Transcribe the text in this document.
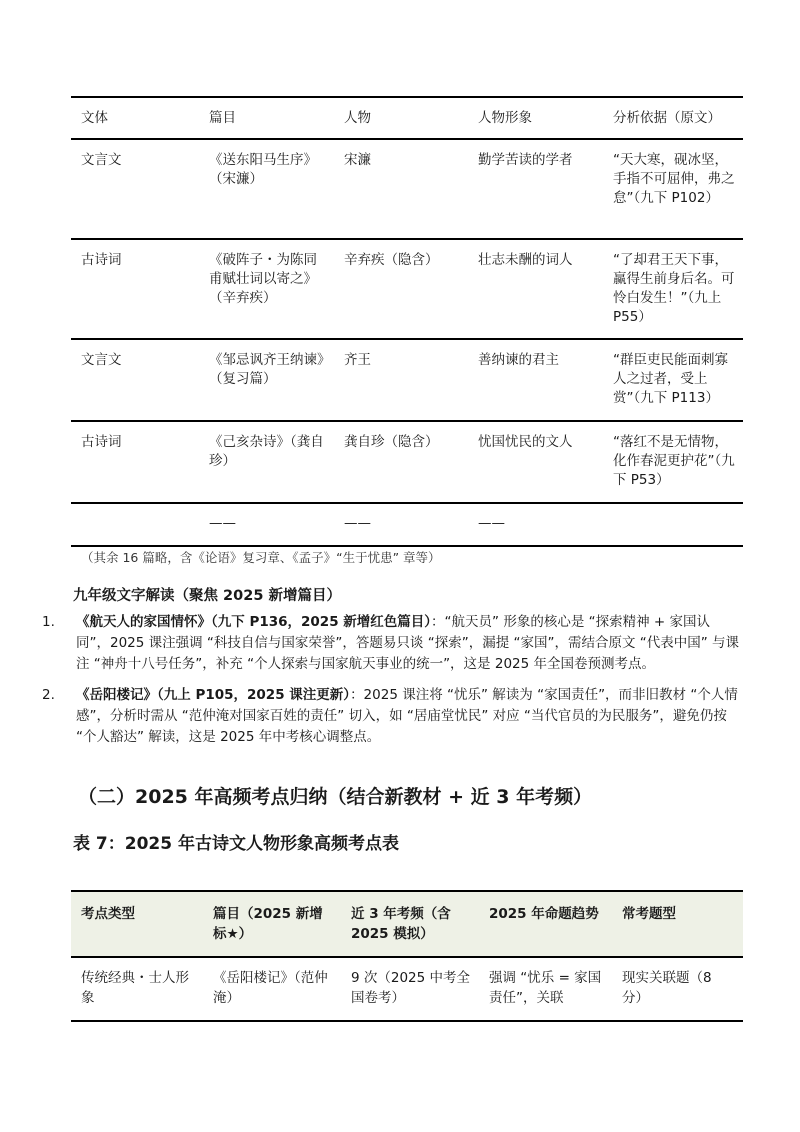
文体	篇目	人物	人物形象	分析依据（原文）
文言文	《送东阳马生序》（宋濂）	宋濂	勤学苦读的学者	“天大寒，砚冰坚，手指不可屈伸，弗之怠”（九下 P102）
古诗词	《破阵子・为陈同甫赋壮词以寄之》（辛弃疾）	辛弃疾（隐含）	壮志未酬的词人	“了却君王天下事，赢得生前身后名。可怜白发生！”（九上 P55）
文言文	《邹忌讽齐王纳谏》（复习篇）	齐王	善纳谏的君主	“群臣吏民能面刺寡人之过者，受上赏”（九下 P113）
古诗词	《己亥杂诗》（龚自珍）	龚自珍（隐含）	忧国忧民的文人	“落红不是无情物，化作春泥更护花”（九下 P53）
	——	——	——	
（其余 16 篇略，含《论语》复习章、《孟子》“生于忧患” 章等）
九年级文字解读（聚焦 2025 新增篇目）
1. 《航天人的家国情怀》（九下 P136，2025 新增红色篇目）：“航天员” 形象的核心是 “探索精神 + 家国认同”，2025 课注强调 “科技自信与国家荣誉”，答题易只谈 “探索”，漏提 “家国”，需结合原文 “代表中国” 与课注 “神舟十八号任务”，补充 “个人探索与国家航天事业的统一”，这是 2025 年全国卷预测考点。
2. 《岳阳楼记》（九上 P105，2025 课注更新）：2025 课注将 “忧乐” 解读为 “家国责任”，而非旧教材 “个人情感”，分析时需从 “范仲淹对国家百姓的责任” 切入，如 “居庙堂忧民” 对应 “当代官员的为民服务”，避免仍按 “个人豁达” 解读，这是 2025 年中考核心调整点。
（二）2025 年高频考点归纳（结合新教材 + 近 3 年考频）
表 7：2025 年古诗文人物形象高频考点表
考点类型	篇目（2025 新增标★）	近 3 年考频（含 2025 模拟）	2025 年命题趋势	常考题型
传统经典・士人形象	《岳阳楼记》（范仲淹）	9 次（2025 中考全国卷考）	强调 “忧乐 = 家国责任”，关联	现实关联题（8 分）
